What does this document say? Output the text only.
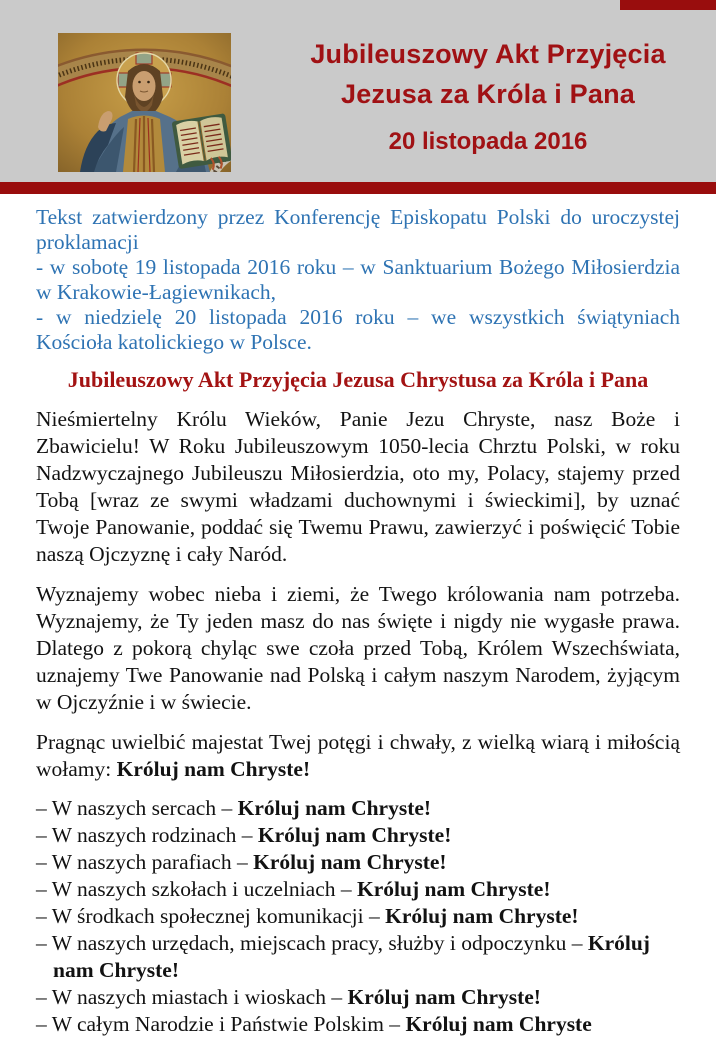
Jubileuszowy Akt Przyjęcia
Jezusa za Króla i Pana
20 listopada 2016

Tekst zatwierdzony przez Konferencję Episkopatu Polski do uroczystej proklamacji

- w sobotę 19 listopada 2016 roku – w Sanktuarium Bożego Miłosierdzia w Krakowie-Łagiewnikach,

- w niedzielę 20 listopada 2016 roku – we wszystkich świątyniach Kościoła katolickiego w Polsce.

Jubileuszowy Akt Przyjęcia Jezusa Chrystusa za Króla i Pana

Nieśmiertelny Królu Wieków, Panie Jezu Chryste, nasz Boże i Zbawicielu! W Roku Jubileuszowym 1050-lecia Chrztu Polski, w roku Nadzwyczajnego Jubileuszu Miłosierdzia, oto my, Polacy, stajemy przed Tobą [wraz ze swymi władzami duchownymi i świeckimi], by uznać Twoje Panowanie, poddać się Twemu Prawu, zawierzyć i poświęcić Tobie naszą Ojczyznę i cały Naród.

Wyznajemy wobec nieba i ziemi, że Twego królowania nam potrzeba. Wyznajemy, że Ty jeden masz do nas święte i nigdy nie wygasłe prawa. Dlatego z pokorą chyląc swe czoła przed Tobą, Królem Wszechświata, uznajemy Twe Panowanie nad Polską i całym naszym Narodem, żyjącym w Ojczyźnie i w świecie.

Pragnąc uwielbić majestat Twej potęgi i chwały, z wielką wiarą i miłością wołamy: Króluj nam Chryste!

– W naszych sercach – Króluj nam Chryste!
– W naszych rodzinach – Króluj nam Chryste!
– W naszych parafiach – Króluj nam Chryste!
– W naszych szkołach i uczelniach – Króluj nam Chryste!
– W środkach społecznej komunikacji – Króluj nam Chryste!
– W naszych urzędach, miejscach pracy, służby i odpoczynku – Króluj nam Chryste!
– W naszych miastach i wioskach – Króluj nam Chryste!
– W całym Narodzie i Państwie Polskim – Króluj nam Chryste
